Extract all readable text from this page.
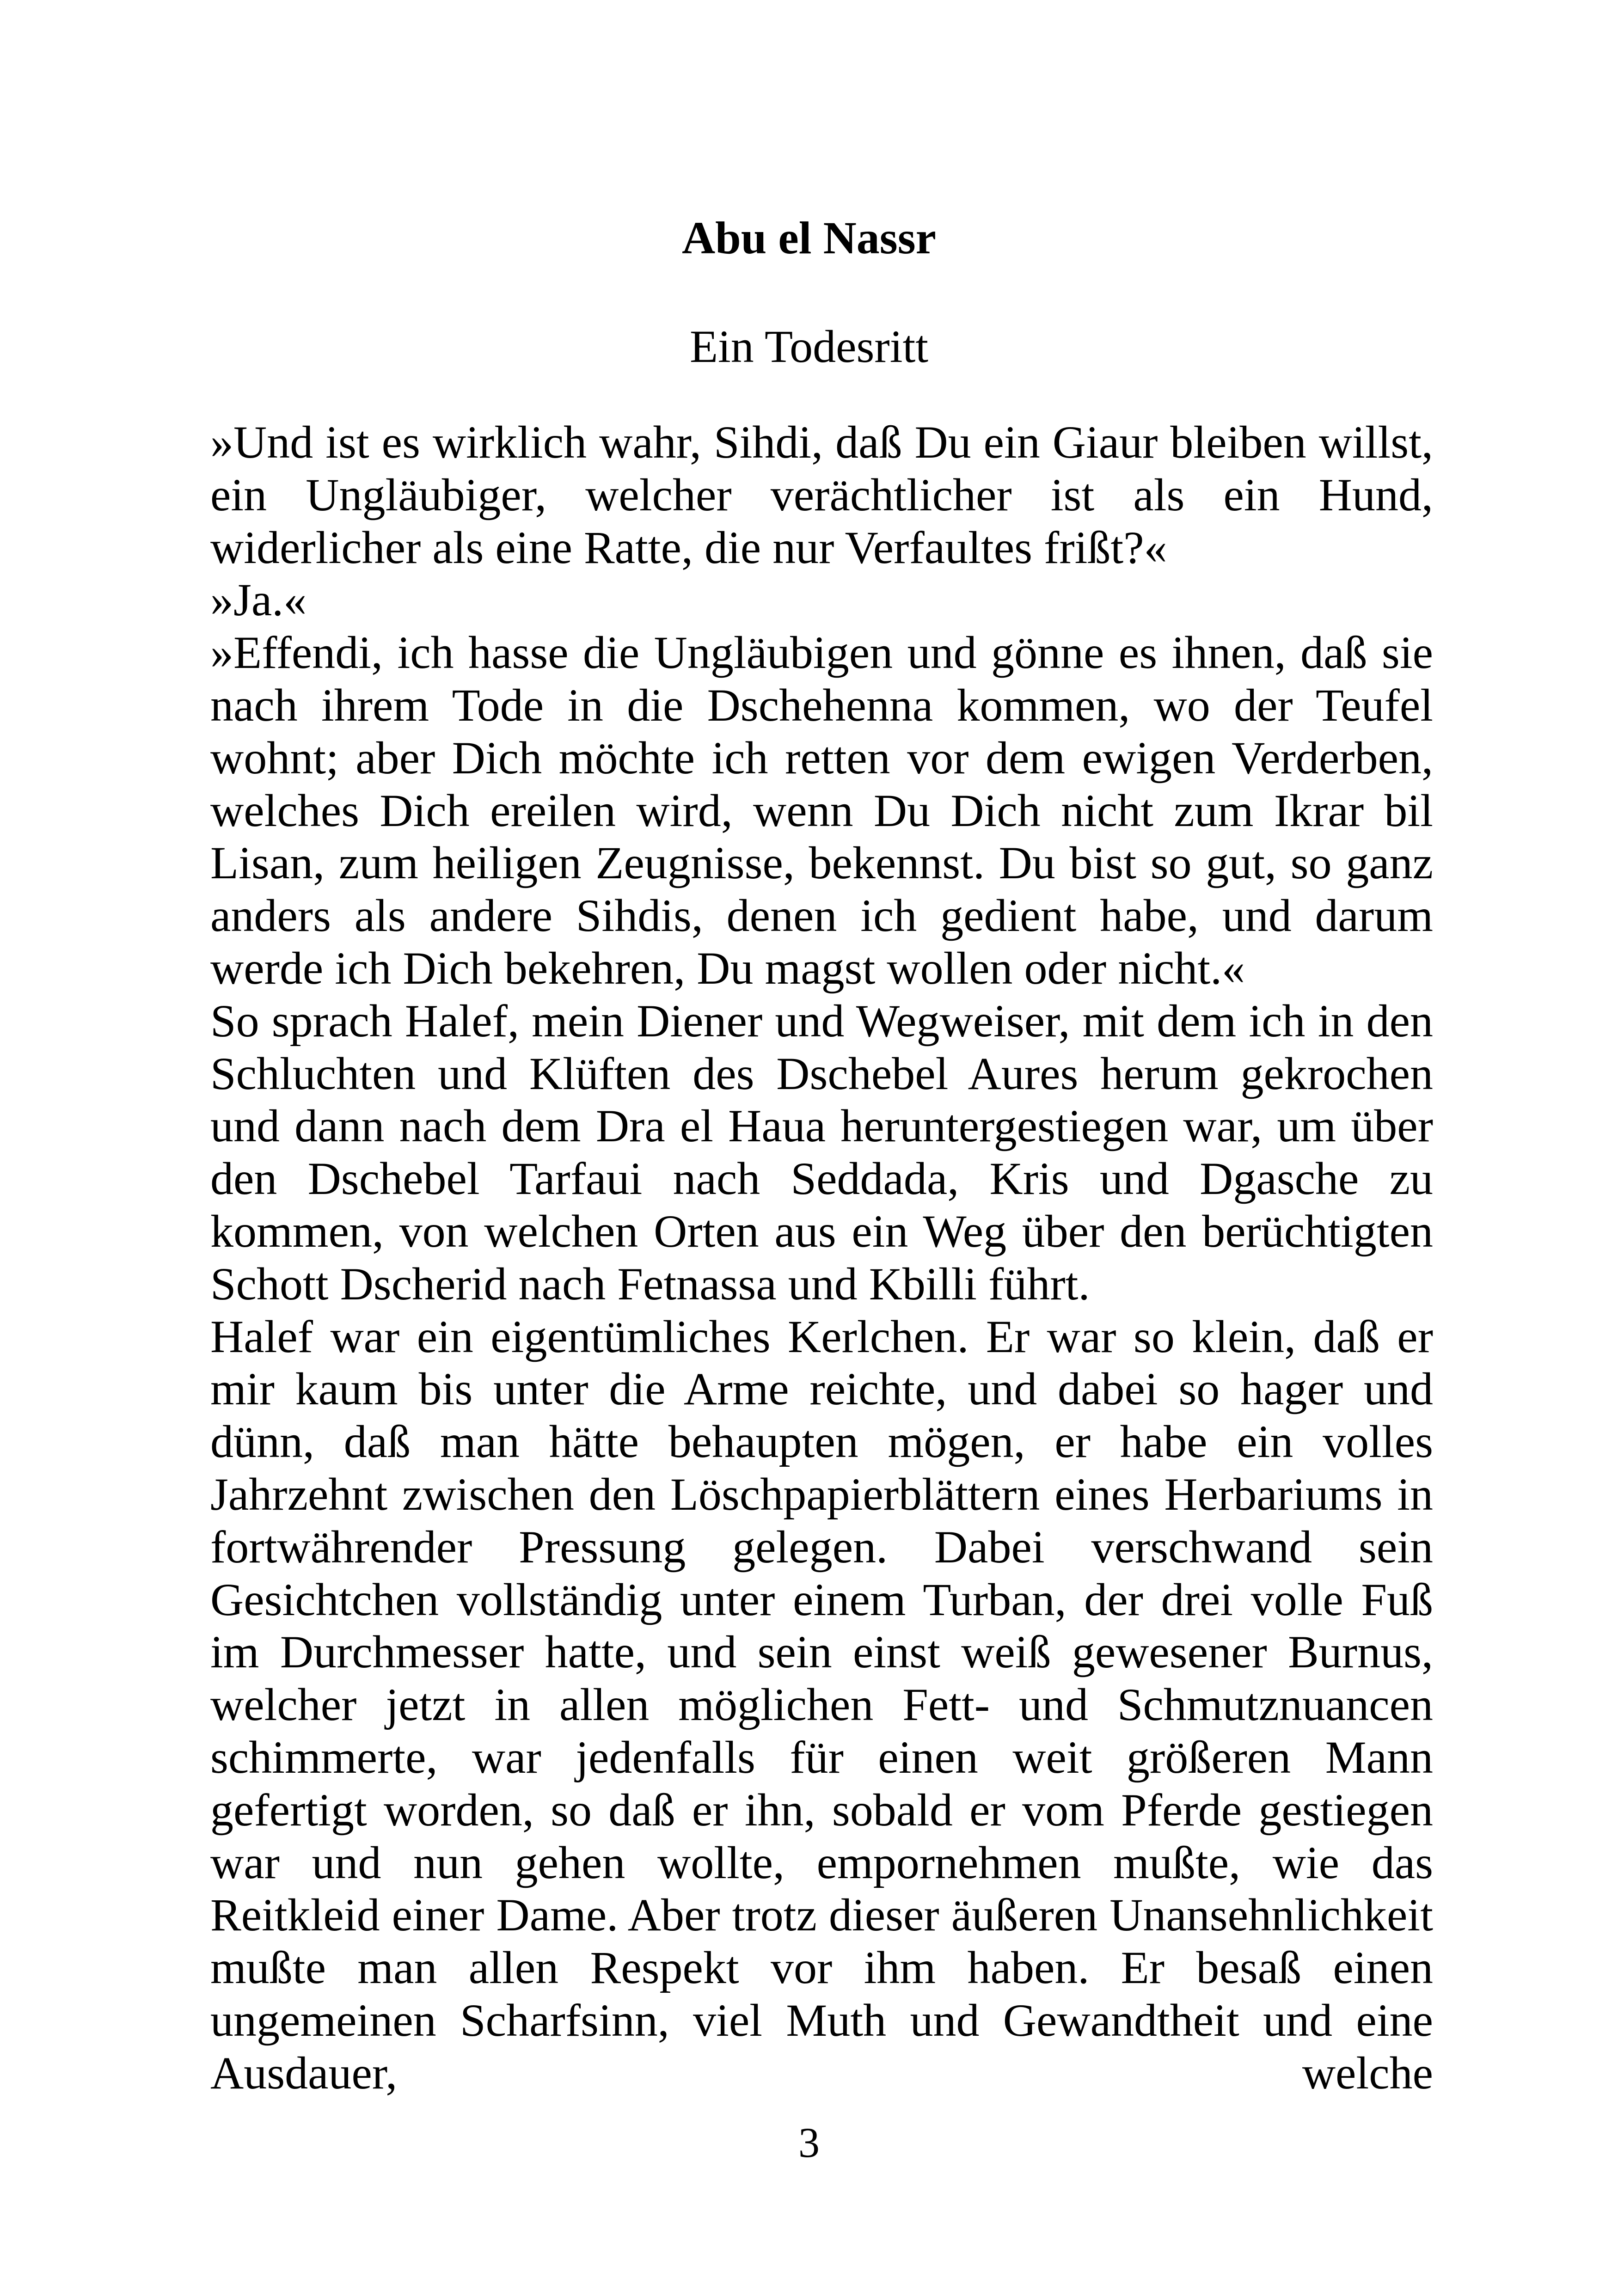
Abu el Nassr
Ein Todesritt

»Und ist es wirklich wahr, Sihdi, daß Du ein Giaur bleiben willst, ein Ungläubiger, welcher verächtlicher ist als ein Hund, widerlicher als eine Ratte, die nur Verfaultes frißt?«

»Ja.«

»Effendi, ich hasse die Ungläubigen und gönne es ihnen, daß sie nach ihrem Tode in die Dschehenna kommen, wo der Teufel wohnt; aber Dich möchte ich retten vor dem ewigen Verderben, welches Dich ereilen wird, wenn Du Dich nicht zum Ikrar bil Lisan, zum heiligen Zeugnisse, bekennst. Du bist so gut, so ganz anders als andere Sihdis, denen ich gedient habe, und darum werde ich Dich bekehren, Du magst wollen oder nicht.«

So sprach Halef, mein Diener und Wegweiser, mit dem ich in den Schluchten und Klüften des Dschebel Aures herum gekrochen und dann nach dem Dra el Haua heruntergestiegen war, um über den Dschebel Tarfaui nach Seddada, Kris und Dgasche zu kommen, von welchen Orten aus ein Weg über den berüchtigten Schott Dscherid nach Fetnassa und Kbilli führt.

Halef war ein eigentümliches Kerlchen. Er war so klein, daß er mir kaum bis unter die Arme reichte, und dabei so hager und dünn, daß man hätte behaupten mögen, er habe ein volles Jahrzehnt zwischen den Löschpapierblättern eines Herbariums in fortwährender Pressung gelegen. Dabei verschwand sein Gesichtchen vollständig unter einem Turban, der drei volle Fuß im Durchmesser hatte, und sein einst weiß gewesener Burnus, welcher jetzt in allen möglichen Fett- und Schmutznuancen schimmerte, war jedenfalls für einen weit größeren Mann gefertigt worden, so daß er ihn, sobald er vom Pferde gestiegen war und nun gehen wollte, empornehmen mußte, wie das Reitkleid einer Dame. Aber trotz dieser äußeren Unansehnlichkeit mußte man allen Respekt vor ihm haben. Er besaß einen ungemeinen Scharfsinn, viel Muth und Gewandtheit und eine Ausdauer, welche

3
